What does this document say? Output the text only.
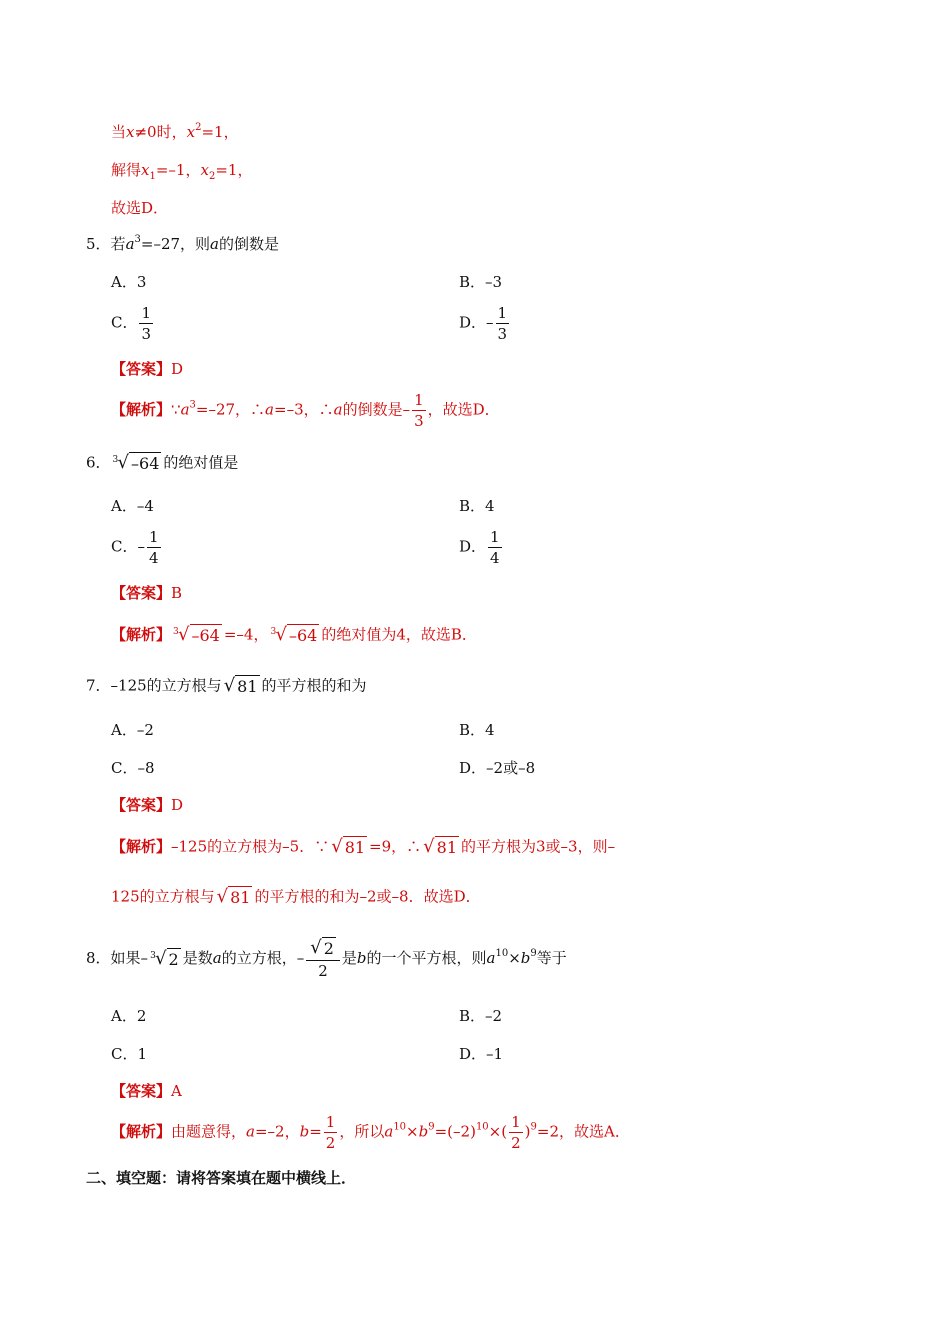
当x≠0时，$x^2=1$，
解得$x_1=-1$，$x_2=1$，
故选D．
5．若$a^3=-27$，则a的倒数是
A．3	B．–3
C． $\frac{1}{3}$	D．– $\frac{1}{3}$
【答案】D
【解析】$\because a^3=-27$，∴a=–3，∴a的倒数是– $\frac{1}{3}$ ，故选D．
6． 3 √ –64 的绝对值是
A．–4	B．4
C．– $\frac{1}{4}$	D． $\frac{1}{4}$
【答案】B
【解析】 3 √ –64 =–4， 3 √ –64 的绝对值为4，故选B．
7．–125的立方根与 √ 81 的平方根的和为
A．–2	B．4
C．–8	D．–2或–8
【答案】D
【解析】–125的立方根为–5．∵ √ 81 =9，∴ √ 81 的平方根为3或–3，则–
125的立方根与 √ 81 的平方根的和为–2或–8．故选D．
8．如果– 3 √ 2 是数a的立方根，– $\frac{√ 2}{2}$ 是b的一个平方根，则$a^{10}\times b^9$等于
A．2	B．–2
C．1	D．–1
【答案】A
【解析】由题意得，a=–2，$b= \frac{1}{2}$ ，所以$a^{10}\times b^9=(-2)^{10}\times( \frac{1}{2} )^9=2$，故选A．
二、填空题：请将答案填在题中横线上．
